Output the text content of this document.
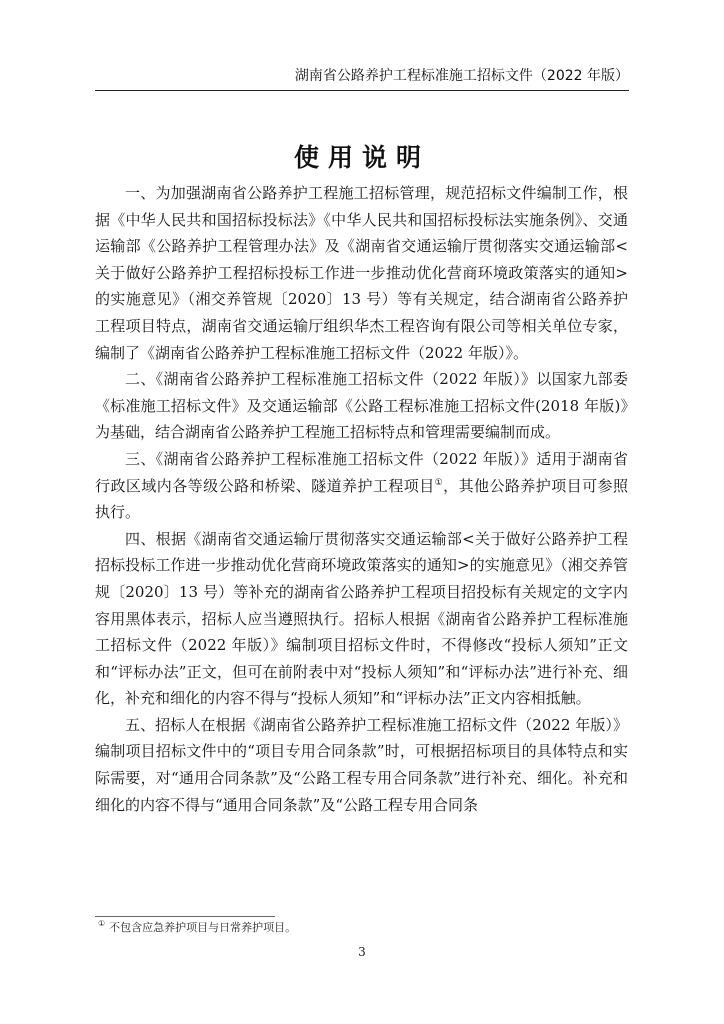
湖南省公路养护工程标准施工招标文件（2022 年版）
使用说明

一、为加强湖南省公路养护工程施工招标管理，规范招标文件编制工作，根据《中华人民共和国招标投标法》《中华人民共和国招标投标法实施条例》、交通运输部《公路养护工程管理办法》及《湖南省交通运输厅贯彻落实交通运输部<关于做好公路养护工程招标投标工作进一步推动优化营商环境政策落实的通知>的实施意见》（湘交养管规〔2020〕13 号）等有关规定，结合湖南省公路养护工程项目特点，湖南省交通运输厅组织华杰工程咨询有限公司等相关单位专家，编制了《湖南省公路养护工程标准施工招标文件（2022 年版）》。

二、《湖南省公路养护工程标准施工招标文件（2022 年版）》以国家九部委《标准施工招标文件》及交通运输部《公路工程标准施工招标文件(2018 年版)》为基础，结合湖南省公路养护工程施工招标特点和管理需要编制而成。

三、《湖南省公路养护工程标准施工招标文件（2022 年版）》适用于湖南省行政区域内各等级公路和桥梁、隧道养护工程项目①，其他公路养护项目可参照执行。

四、根据《湖南省交通运输厅贯彻落实交通运输部<关于做好公路养护工程招标投标工作进一步推动优化营商环境政策落实的通知>的实施意见》（湘交养管规〔2020〕13 号）等补充的湖南省公路养护工程项目招投标有关规定的文字内容用黑体表示，招标人应当遵照执行。招标人根据《湖南省公路养护工程标准施工招标文件（2022 年版）》编制项目招标文件时，不得修改“投标人须知”正文和“评标办法”正文，但可在前附表中对“投标人须知”和“评标办法”进行补充、细化，补充和细化的内容不得与“投标人须知”和“评标办法”正文内容相抵触。

五、招标人在根据《湖南省公路养护工程标准施工招标文件（2022 年版）》编制项目招标文件中的“项目专用合同条款”时，可根据招标项目的具体特点和实际需要，对“通用合同条款”及“公路工程专用合同条款”进行补充、细化。补充和细化的内容不得与“通用合同条款”及“公路工程专用合同条

① 不包含应急养护项目与日常养护项目。
3
